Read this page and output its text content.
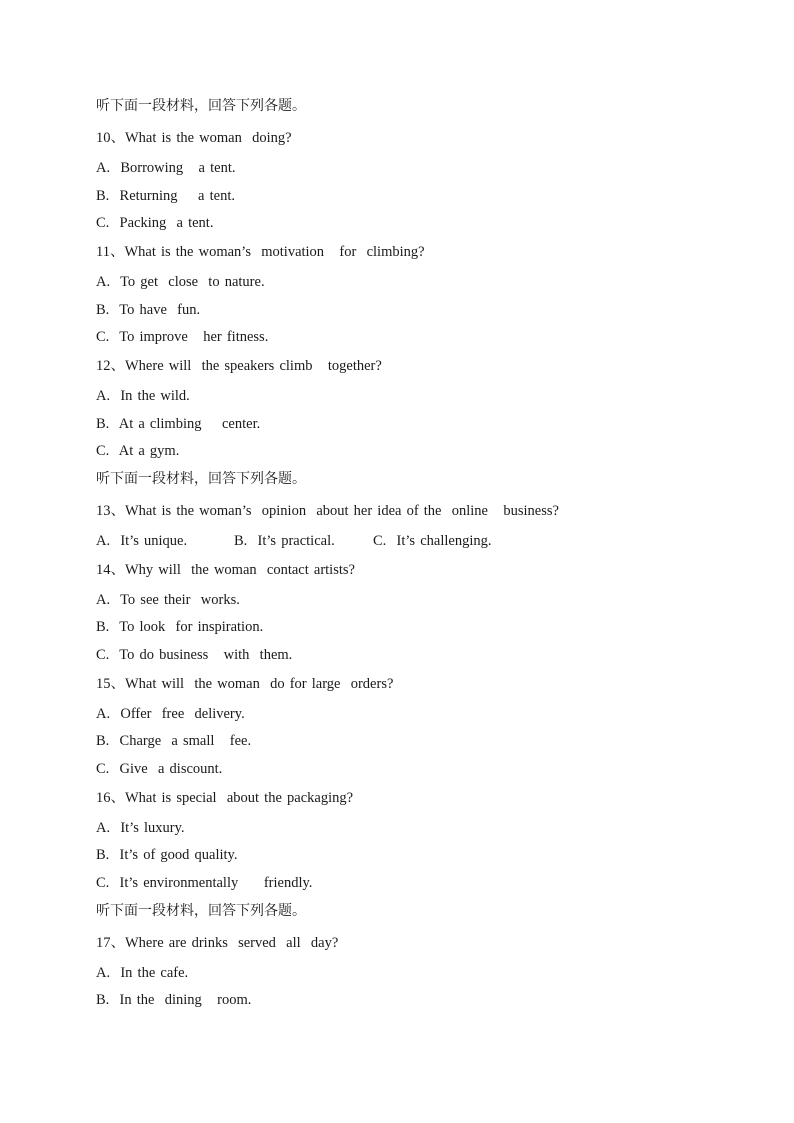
听下面一段材料，回答下列各题。
10、What is the woman  doing?
A.  Borrowing   a tent.
B.  Returning    a tent.
C.  Packing  a tent.
11、What is the woman’s  motivation   for  climbing?
A.  To get  close  to nature.
B.  To have  fun.
C.  To improve   her fitness.
12、Where will  the speakers climb   together?
A.  In the wild.
B.  At a climbing    center.
C.  At a gym.
听下面一段材料，回答下列各题。
13、What is the woman’s  opinion  about her idea of the  online   business?

A.  It’s unique.

	B.  It’s practical.

	C.  It’s challenging.

14、Why will  the woman  contact artists?
A.  To see their  works.
B.  To look  for inspiration.
C.  To do business   with  them.
15、What will  the woman  do for large  orders?
A.  Offer  free  delivery.
B.  Charge  a small   fee.
C.  Give  a discount.
16、What is special  about the packaging?
A.  It’s luxury.
B.  It’s of good quality.
C.  It’s environmentally     friendly.
听下面一段材料，回答下列各题。
17、Where are drinks  served  all  day?
A.  In the cafe.
B.  In the  dining   room.
